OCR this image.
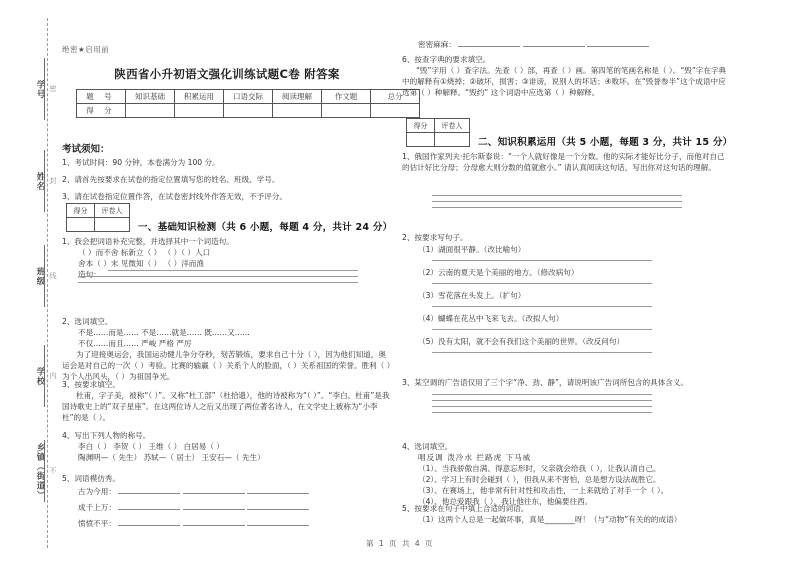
密
学号
封
姓名
线
班级
内
学校
不
乡镇（街道）
绝密★启用前
陕西省小升初语文强化训练试题C卷 附答案
题 号	知识基础	积累运用	口语交际	阅读理解	作文题	总分
得 分						
考试须知：
1、考试时间：90 分钟。本卷满分为 100 分。
2、请首先按要求在试卷的指定位置填写您的姓名、班级、学号。
3、请在试卷指定位置作答，在试卷密封线外作答无效，不予评分。
得分	评卷人

一、基础知识检测（共 6 小题，每题 4 分，共计 24 分）
1、我会把词语补充完整，并选择其中一个词造句。
（ ）而不舍 标新立（ ） （ ）（ ）人口
舍本（ ）末 见微知（ ） （ ）洋而渔
造句：
2、选词填空。
不是……而是…… 不是……就是…… 既……又……
不仅……而且…… 严峻 严格 严厉
为了迎接奥运会，我国运动健儿争分夺秒，刻苦锻炼，要求自己十分（ ），因为他们知道，奥运会是对自己的一次（ ）考验。比赛的输赢（ ）关系个人的脸面，（ ）关系祖国的荣誉。胜利（ ）为个人出风头，（ ）为祖国争光。
3、按要求填空。
杜甫，字子美，被称“（ ）”。又称“杜工部”（杜拾遗），他的诗被称为“（ ）”。“李白、杜甫”是我国诗歌史上的“双子星座”。在这两位诗人之后又出现了两位著名诗人，在文学史上被称为“小李杜”的是（ ）。
4、写出下列人物的称号。
李白（ ） 李贺（ ） 王维（ ） 白居易（ ）
陶渊明—（ 先生） 苏轼—（ 居士） 王安石—（ 先生）
5、词语模仿秀。
古为今用：
成千上万：
愤愤不平：
密密麻麻：
6、按查字典的要求填空。
“毁”字用（ ）查字法。先查（ ）部，再查（ ）画。第四笔的笔画名称是（ ）。“毁”字在字典中的解释有①烧掉；②破坏，损害；③诽谤，说别人的坏话；④败坏。在“毁誉参半”这个成语中应选第（ ）种解释。“毁约” 这个词语中应选第（ ）种解释。
得分	评卷人

二、知识积累运用（共 5 小题，每题 3 分，共计 15 分）
1、俄国作家列夫·托尔斯泰说：“一个人就好像是一个分数。他的实际才能好比分子，而他对自己的估计好比分母；分母愈大则分数的值就愈小。” 请认真阅读这句话，写出你对这句话的理解。
2、按要求写句子。
（1）湖面很平静。（改比喻句）
（2）云南的夏天是个美丽的地方。（修改病句）
（3）雪花落在头发上。（扩句）
（4）蝴蝶在花丛中飞来飞去。（改拟人句）
（5）没有太阳，就不会有我们这个美丽的世界。（改反问句）
3、某空调的广告语仅用了三个字“净、劲、静”，请说明该广告词所包含的具体含义。
4、选词填空。
唱反调 泼冷水 拦路虎 下马威
（1）、当我骄傲自满、得意忘形时，父亲就会给我（ ），让我认清自己。
（2）、学习上有时会碰到（ ），但我从来不害怕，总是想方设法战胜它。
（3）、在赛场上，他非常有针对性和攻击性，一上来就给了对手一个（ ）。
（4）、他总爱跟我（ ），我让他往东，他偏要往西。
5、按要求在句子中填上合适的词语。
（1）这两个人总是一起做坏事，真是________呀！（与“动物”有关的的成语）
第 1 页 共 4 页
